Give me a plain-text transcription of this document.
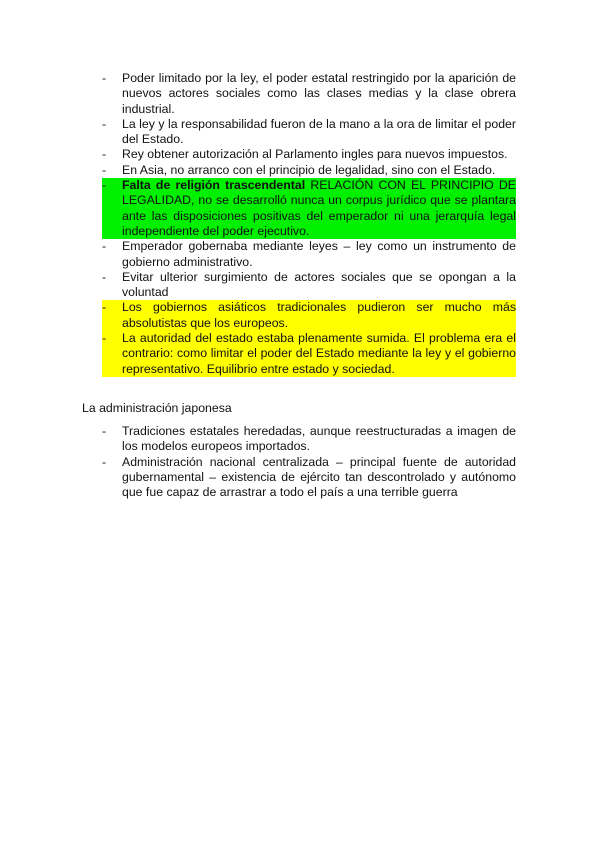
- Poder limitado por la ley, el poder estatal restringido por la aparición de nuevos actores sociales como las clases medias y la clase obrera industrial.
- La ley y la responsabilidad fueron de la mano a la ora de limitar el poder del Estado.
- Rey obtener autorización al Parlamento ingles para nuevos impuestos.
- En Asia, no arranco con el principio de legalidad, sino con el Estado.
- Falta de religión trascendental RELACIÓN CON EL PRINCIPIO DE LEGALIDAD, no se desarrolló nunca un corpus jurídico que se plantara ante las disposiciones positivas del emperador ni una jerarquía legal independiente del poder ejecutivo.
- Emperador gobernaba mediante leyes – ley como un instrumento de gobierno administrativo.
- Evitar ulterior surgimiento de actores sociales que se opongan a la voluntad
- Los gobiernos asiáticos tradicionales pudieron ser mucho más absolutistas que los europeos.
- La autoridad del estado estaba plenamente sumida. El problema era el contrario: como limitar el poder del Estado mediante la ley y el gobierno representativo. Equilibrio entre estado y sociedad.

La administración japonesa

- Tradiciones estatales heredadas, aunque reestructuradas a imagen de los modelos europeos importados.
- Administración nacional centralizada – principal fuente de autoridad gubernamental – existencia de ejército tan descontrolado y autónomo que fue capaz de arrastrar a todo el país a una terrible guerra
